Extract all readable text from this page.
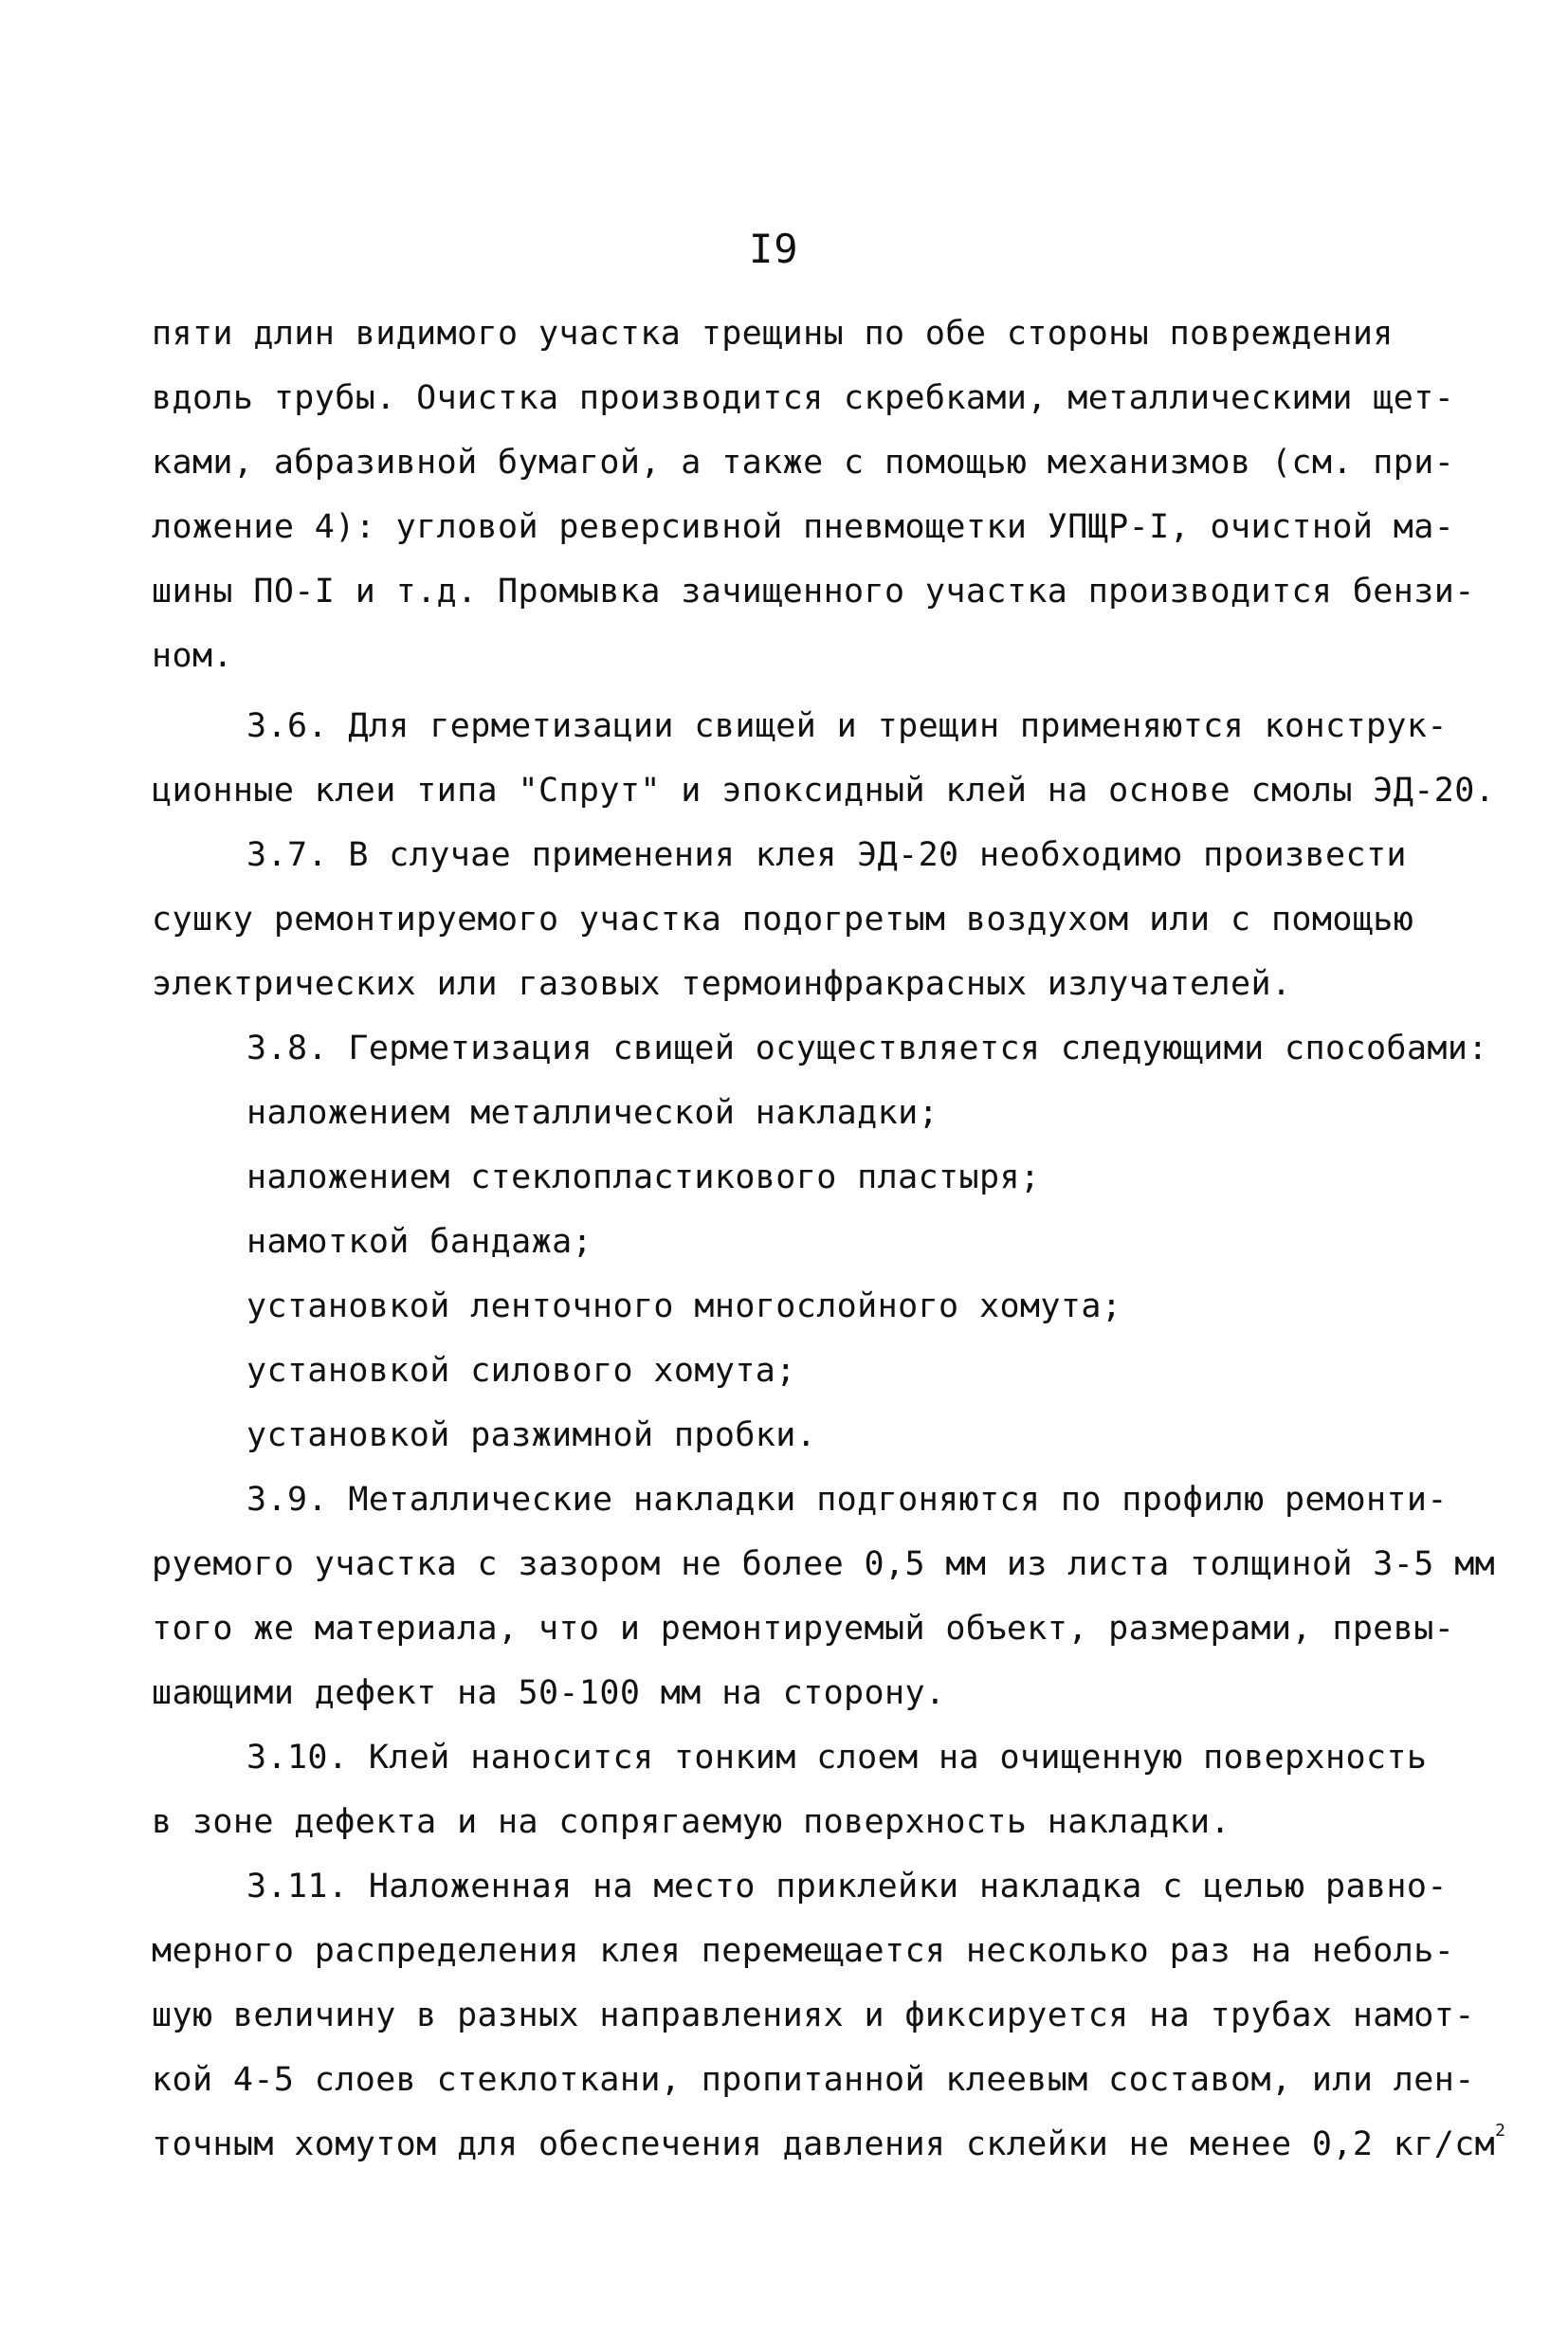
I9
пяти длин видимого участка трещины по обе стороны повреждения
вдоль трубы. Очистка производится скребками, металлическими щет-
ками, абразивной бумагой, а также с помощью механизмов (см. при-
ложение 4): угловой реверсивной пневмощетки УПЩР-I, очистной ма-
шины ПО-I и т.д. Промывка зачищенного участка производится бензи-
ном.
3.6. Для герметизации свищей и трещин применяются конструк-
ционные клеи типа "Спрут" и эпоксидный клей на основе смолы ЭД-20.
3.7. В случае применения клея ЭД-20 необходимо произвести
сушку ремонтируемого участка подогретым воздухом или с помощью
электрических или газовых термоинфракрасных излучателей.
3.8. Герметизация свищей осуществляется следующими способами:
наложением металлической накладки;
наложением стеклопластикового пластыря;
намоткой бандажа;
установкой ленточного многослойного хомута;
установкой силового хомута;
установкой разжимной пробки.
3.9. Металлические накладки подгоняются по профилю ремонти-
руемого участка с зазором не более 0,5 мм из листа толщиной 3-5 мм
того же материала, что и ремонтируемый объект, размерами, превы-
шающими дефект на 50-100 мм на сторону.
3.10. Клей наносится тонким слоем на очищенную поверхность
в зоне дефекта и на сопрягаемую поверхность накладки.
3.11. Наложенная на место приклейки накладка с целью равно-
мерного распределения клея перемещается несколько раз на неболь-
шую величину в разных направлениях и фиксируется на трубах намот-
кой 4-5 слоев стеклоткани, пропитанной клеевым составом, или лен-
точным хомутом для обеспечения давления склейки не менее 0,2 $кг/см^2$
